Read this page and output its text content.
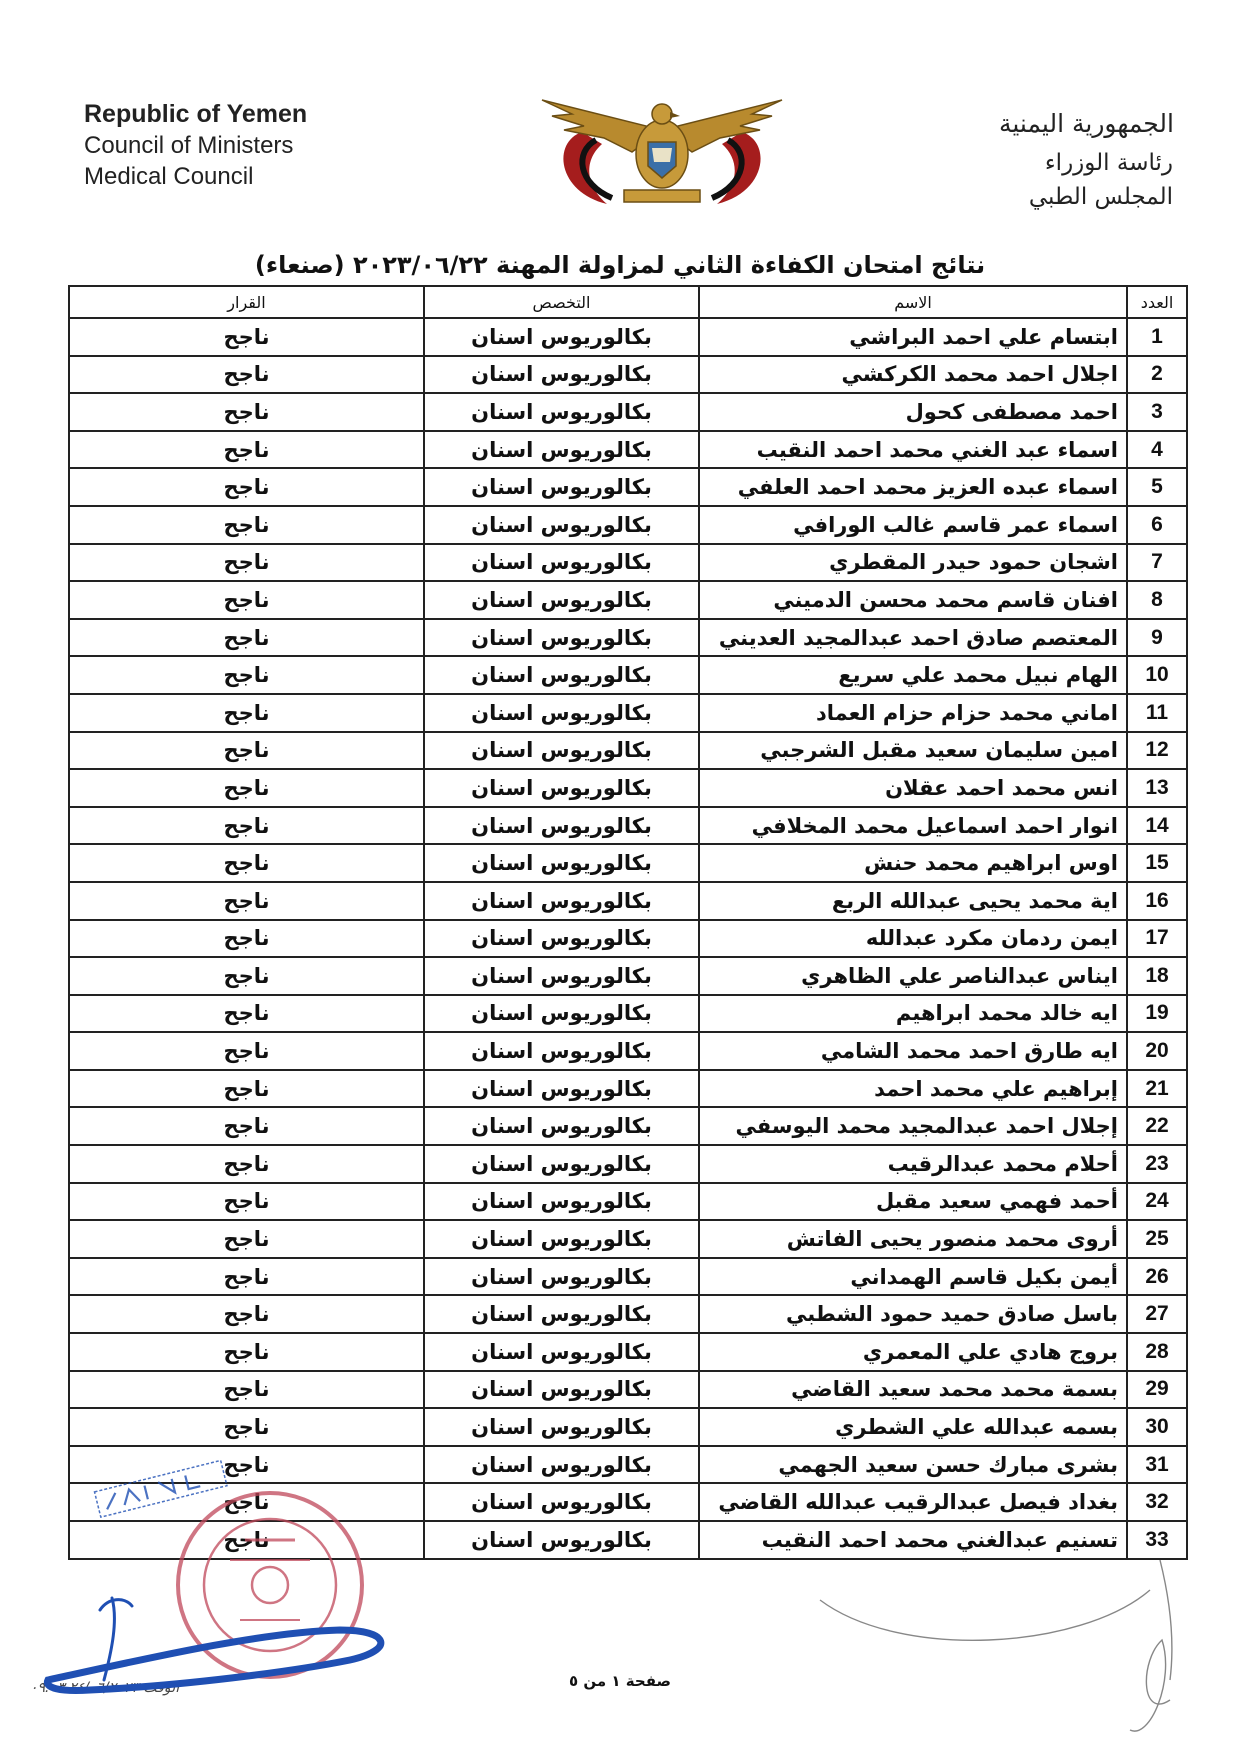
Republic of Yemen
Council of Ministers
Medical Council
الجمهورية اليمنية
رئاسة الوزراء
المجلس الطبي
نتائج امتحان الكفاءة الثاني لمزاولة المهنة ٢٠٢٣/٠٦/٢٢ (صنعاء)
العدد	الاسم	التخصص	القرار
1	ابتسام علي احمد البراشي	بكالوريوس اسنان	ناجح
2	اجلال احمد محمد الكركشي	بكالوريوس اسنان	ناجح
3	احمد مصطفى كحول	بكالوريوس اسنان	ناجح
4	اسماء عبد الغني محمد احمد النقيب	بكالوريوس اسنان	ناجح
5	اسماء عبده العزيز محمد احمد العلفي	بكالوريوس اسنان	ناجح
6	اسماء عمر قاسم غالب الورافي	بكالوريوس اسنان	ناجح
7	اشجان حمود حيدر المقطري	بكالوريوس اسنان	ناجح
8	افنان قاسم محمد محسن الدميني	بكالوريوس اسنان	ناجح
9	المعتصم صادق احمد عبدالمجيد العديني	بكالوريوس اسنان	ناجح
10	الهام نبيل محمد علي سريع	بكالوريوس اسنان	ناجح
11	اماني محمد حزام حزام العماد	بكالوريوس اسنان	ناجح
12	امين سليمان سعيد مقبل الشرجبي	بكالوريوس اسنان	ناجح
13	انس محمد احمد عقلان	بكالوريوس اسنان	ناجح
14	انوار احمد اسماعيل محمد المخلافي	بكالوريوس اسنان	ناجح
15	اوس ابراهيم محمد حنش	بكالوريوس اسنان	ناجح
16	اية محمد يحيى عبدالله الربع	بكالوريوس اسنان	ناجح
17	ايمن ردمان مكرد عبدالله	بكالوريوس اسنان	ناجح
18	ايناس عبدالناصر علي الظاهري	بكالوريوس اسنان	ناجح
19	ايه خالد محمد ابراهيم	بكالوريوس اسنان	ناجح
20	ايه طارق احمد محمد الشامي	بكالوريوس اسنان	ناجح
21	إبراهيم علي محمد احمد	بكالوريوس اسنان	ناجح
22	إجلال احمد عبدالمجيد محمد اليوسفي	بكالوريوس اسنان	ناجح
23	أحلام محمد عبدالرقيب	بكالوريوس اسنان	ناجح
24	أحمد فهمي سعيد مقبل	بكالوريوس اسنان	ناجح
25	أروى محمد منصور يحيى الفاتش	بكالوريوس اسنان	ناجح
26	أيمن بكيل قاسم الهمداني	بكالوريوس اسنان	ناجح
27	باسل صادق حميد حمود الشطبي	بكالوريوس اسنان	ناجح
28	بروج هادي علي المعمري	بكالوريوس اسنان	ناجح
29	بسمة محمد محمد سعيد القاضي	بكالوريوس اسنان	ناجح
30	بسمه عبدالله علي الشطري	بكالوريوس اسنان	ناجح
31	بشرى مبارك حسن سعيد الجهمي	بكالوريوس اسنان	ناجح
32	بغداد فيصل عبدالرقيب عبدالله القاضي	بكالوريوس اسنان	ناجح
33	تسنيم عبدالغني محمد احمد النقيب	بكالوريوس اسنان	ناجح
صفحة ١ من ٥
الوقت ٢٤/٠٦/٢٠٢٣ ٠٩:٠٣
